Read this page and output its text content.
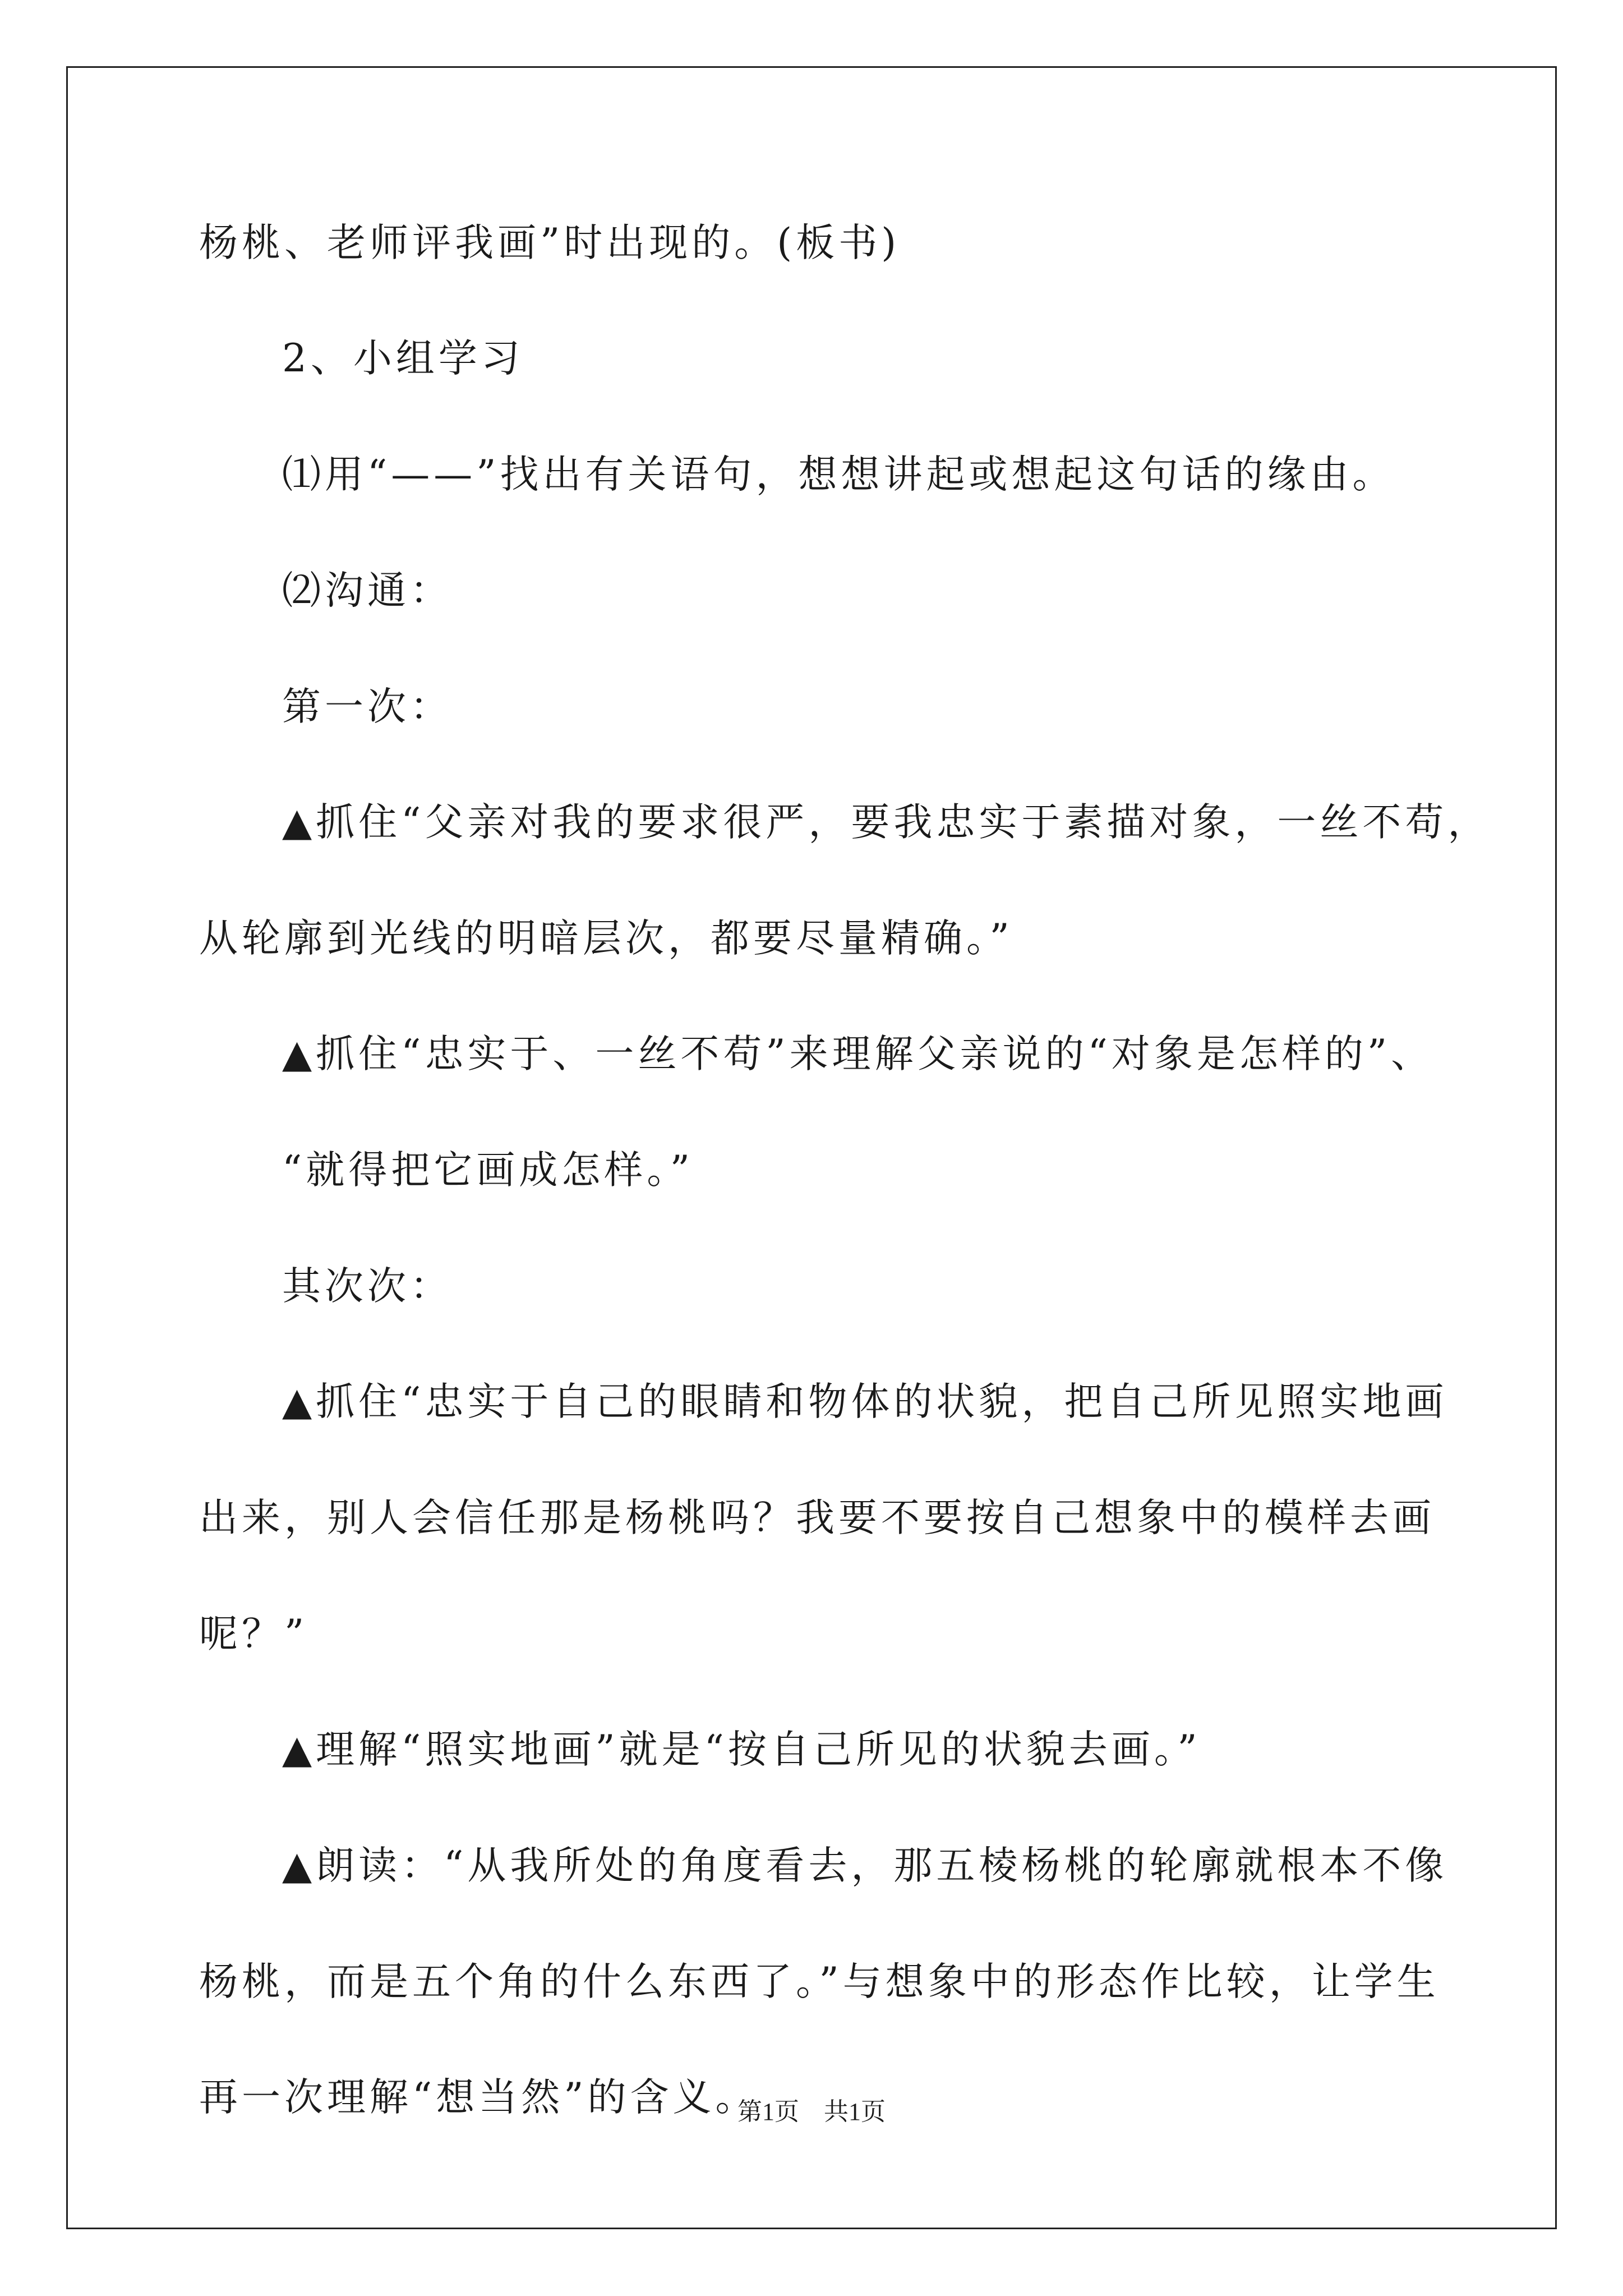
杨桃、老师评我画”时出现的。(板书)
2、小组学习
⑴用“——”找出有关语句，想想讲起或想起这句话的缘由。
⑵沟通：
第一次：
▲抓住“父亲对我的要求很严，要我忠实于素描对象，一丝不苟，
从轮廓到光线的明暗层次，都要尽量精确。”
▲抓住“忠实于、一丝不苟”来理解父亲说的“对象是怎样的”、
“就得把它画成怎样。”
其次次：
▲抓住“忠实于自己的眼睛和物体的状貌，把自己所见照实地画
出来，别人会信任那是杨桃吗？我要不要按自己想象中的模样去画
呢？”
▲理解“照实地画”就是“按自己所见的状貌去画。”
▲朗读：“从我所处的角度看去，那五棱杨桃的轮廓就根本不像
杨桃，而是五个角的什么东西了。”与想象中的形态作比较，让学生
再一次理解“想当然”的含义。
第1页　共1页
